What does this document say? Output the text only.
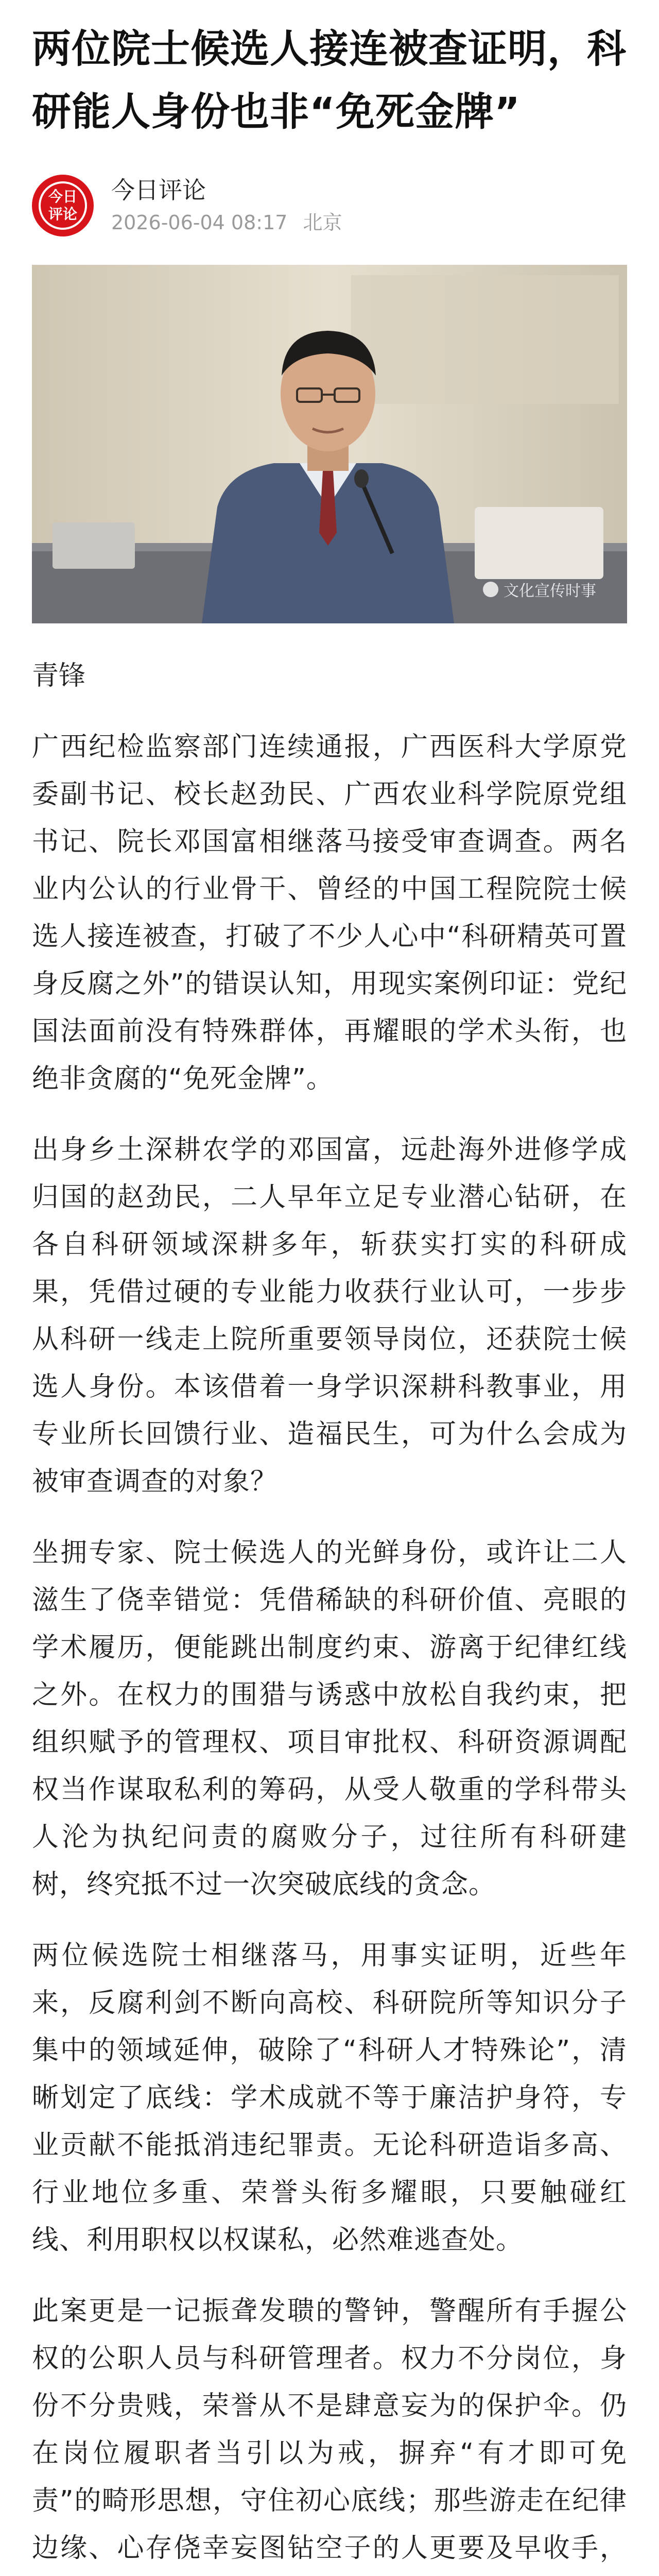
两位院士候选人接连被查证明，科研能人身份也非“免死金牌”
今日
评论
今日评论
2026-06-04 08:17 北京
文化宣传时事
青锋

广西纪检监察部门连续通报，广西医科大学原党委副书记、校长赵劲民、广西农业科学院原党组书记、院长邓国富相继落马接受审查调查。两名业内公认的行业骨干、曾经的中国工程院院士候选人接连被查，打破了不少人心中“科研精英可置身反腐之外”的错误认知，用现实案例印证：党纪国法面前没有特殊群体，再耀眼的学术头衔，也绝非贪腐的“免死金牌”。

出身乡土深耕农学的邓国富，远赴海外进修学成归国的赵劲民，二人早年立足专业潜心钻研，在各自科研领域深耕多年，斩获实打实的科研成果，凭借过硬的专业能力收获行业认可，一步步从科研一线走上院所重要领导岗位，还获院士候选人身份。本该借着一身学识深耕科教事业，用专业所长回馈行业、造福民生，可为什么会成为被审查调查的对象？

坐拥专家、院士候选人的光鲜身份，或许让二人滋生了侥幸错觉：凭借稀缺的科研价值、亮眼的学术履历，便能跳出制度约束、游离于纪律红线之外。在权力的围猎与诱惑中放松自我约束，把组织赋予的管理权、项目审批权、科研资源调配权当作谋取私利的筹码，从受人敬重的学科带头人沦为执纪问责的腐败分子，过往所有科研建树，终究抵不过一次突破底线的贪念。

两位候选院士相继落马，用事实证明，近些年来，反腐利剑不断向高校、科研院所等知识分子集中的领域延伸，破除了“科研人才特殊论”，清晰划定了底线：学术成就不等于廉洁护身符，专业贡献不能抵消违纪罪责。无论科研造诣多高、行业地位多重、荣誉头衔多耀眼，只要触碰红线、利用职权以权谋私，必然难逃查处。

此案更是一记振聋发聩的警钟，警醒所有手握公权的公职人员与科研管理者。权力不分岗位，身份不分贵贱，荣誉从不是肆意妄为的保护伞。仍在岗位履职者当引以为戒，摒弃“有才即可免责”的畸形思想，守住初心底线；那些游走在纪律边缘、心存侥幸妄图钻空子的人更要及早收手，
